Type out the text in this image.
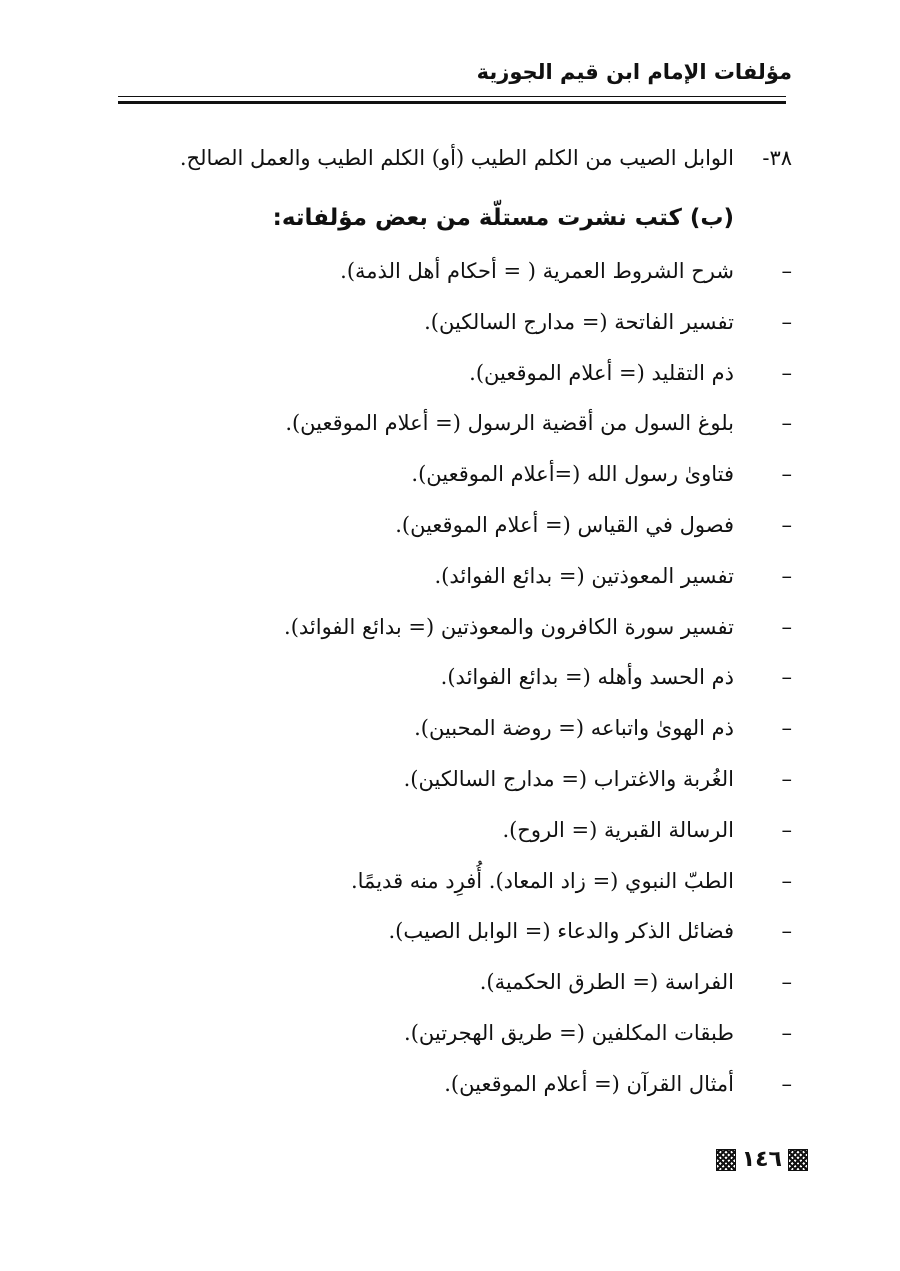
مؤلفات الإمام ابن قيم الجوزية
٣٨-الوابل الصيب من الكلم الطيب (أو) الكلم الطيب والعمل الصالح.
(ب) كتب نشرت مستلّة من بعض مؤلفاته:
–شرح الشروط العمرية ( = أحكام أهل الذمة).
–تفسير الفاتحة (= مدارج السالكين).
–ذم التقليد (= أعلام الموقعين).
–بلوغ السول من أقضية الرسول (= أعلام الموقعين).
–فتاوىٰ رسول الله (=أعلام الموقعين).
–فصول في القياس (= أعلام الموقعين).
–تفسير المعوذتين (= بدائع الفوائد).
–تفسير سورة الكافرون والمعوذتين (= بدائع الفوائد).
–ذم الحسد وأهله (= بدائع الفوائد).
–ذم الهوىٰ واتباعه (= روضة المحبين).
–الغُربة والاغتراب (= مدارج السالكين).
–الرسالة القبرية (= الروح).
–الطبّ النبوي (= زاد المعاد). أُفرِد منه قديمًا.
–فضائل الذكر والدعاء (= الوابل الصيب).
–الفراسة (= الطرق الحكمية).
–طبقات المكلفين (= طريق الهجرتين).
–أمثال القرآن (= أعلام الموقعين).
١٤٦
